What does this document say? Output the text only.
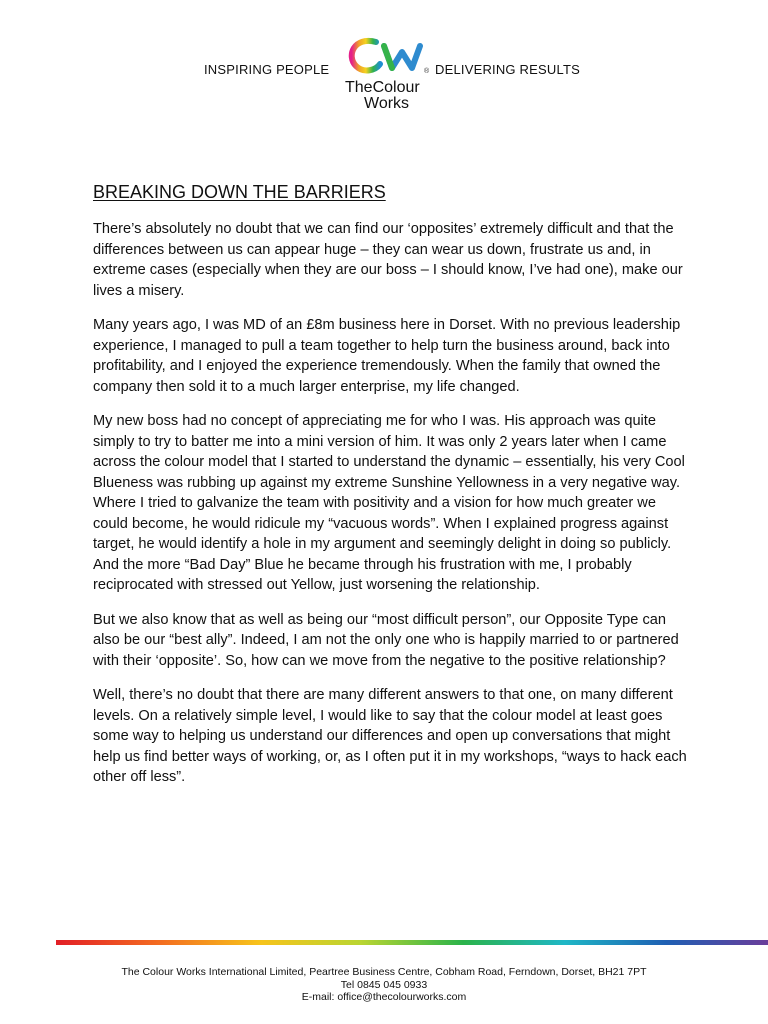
INSPIRING PEOPLE	®
TheColour
Works
DELIVERING RESULTS
BREAKING DOWN THE BARRIERS

There’s absolutely no doubt that we can find our ‘opposites’ extremely difficult and that the differences between us can appear huge – they can wear us down, frustrate us and, in extreme cases (especially when they are our boss – I should know, I’ve had one), make our lives a misery.

Many years ago, I was MD of an £8m business here in Dorset. With no previous leadership experience, I managed to pull a team together to help turn the business around, back into profitability, and I enjoyed the experience tremendously. When the family that owned the company then sold it to a much larger enterprise, my life changed.

My new boss had no concept of appreciating me for who I was. His approach was quite simply to try to batter me into a mini version of him. It was only 2 years later when I came across the colour model that I started to understand the dynamic – essentially, his very Cool Blueness was rubbing up against my extreme Sunshine Yellowness in a very negative way. Where I tried to galvanize the team with positivity and a vision for how much greater we could become, he would ridicule my “vacuous words”. When I explained progress against target, he would identify a hole in my argument and seemingly delight in doing so publicly. And the more “Bad Day” Blue he became through his frustration with me, I probably reciprocated with stressed out Yellow, just worsening the relationship.

But we also know that as well as being our “most difficult person”, our Opposite Type can also be our “best ally”. Indeed, I am not the only one who is happily married to or partnered with their ‘opposite’. So, how can we move from the negative to the positive relationship?

Well, there’s no doubt that there are many different answers to that one, on many different levels. On a relatively simple level, I would like to say that the colour model at least goes some way to helping us understand our differences and open up conversations that might help us find better ways of working, or, as I often put it in my workshops, “ways to hack each other off less”.

The Colour Works International Limited, Peartree Business Centre, Cobham Road, Ferndown, Dorset, BH21 7PT
Tel 0845 045 0933
E-mail: office@thecolourworks.com
